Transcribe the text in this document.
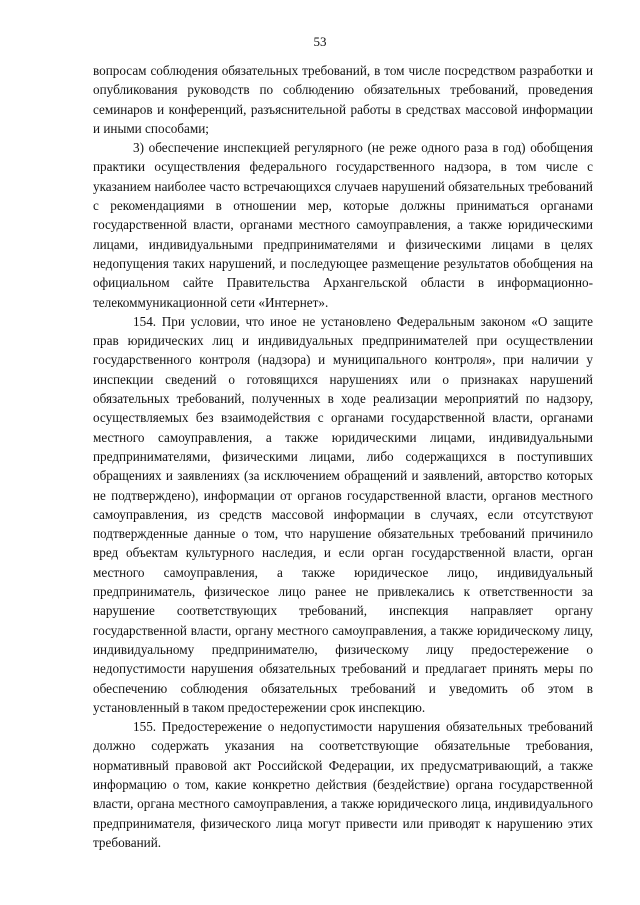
53

вопросам соблюдения обязательных требований, в том числе посредством разработки и опубликования руководств по соблюдению обязательных требований, проведения семинаров и конференций, разъяснительной работы в средствах массовой информации и иными способами;

3) обеспечение инспекцией регулярного (не реже одного раза в год) обобщения практики осуществления федерального государственного надзора, в том числе с указанием наиболее часто встречающихся случаев нарушений обязательных требований с рекомендациями в отношении мер, которые должны приниматься органами государственной власти, органами местного самоуправления, а также юридическими лицами, индивидуальными предпринимателями и физическими лицами в целях недопущения таких нарушений, и последующее размещение результатов обобщения на официальном сайте Правительства Архангельской области в информационно-телекоммуникационной сети «Интернет».

154. При условии, что иное не установлено Федеральным законом «О защите прав юридических лиц и индивидуальных предпринимателей при осуществлении государственного контроля (надзора) и муниципального контроля», при наличии у инспекции сведений о готовящихся нарушениях или о признаках нарушений обязательных требований, полученных в ходе реализации мероприятий по надзору, осуществляемых без взаимодействия с органами государственной власти, органами местного самоуправления, а также юридическими лицами, индивидуальными предпринимателями, физическими лицами, либо содержащихся в поступивших обращениях и заявлениях (за исключением обращений и заявлений, авторство которых не подтверждено), информации от органов государственной власти, органов местного самоуправления, из средств массовой информации в случаях, если отсутствуют подтвержденные данные о том, что нарушение обязательных требований причинило вред объектам культурного наследия, и если орган государственной власти, орган местного самоуправления, а также юридическое лицо, индивидуальный предприниматель, физическое лицо ранее не привлекались к ответственности за нарушение соответствующих требований, инспекция направляет органу государственной власти, органу местного самоуправления, а также юридическому лицу, индивидуальному предпринимателю, физическому лицу предостережение о недопустимости нарушения обязательных требований и предлагает принять меры по обеспечению соблюдения обязательных требований и уведомить об этом в установленный в таком предостережении срок инспекцию.

155. Предостережение о недопустимости нарушения обязательных требований должно содержать указания на соответствующие обязательные требования, нормативный правовой акт Российской Федерации, их предусматривающий, а также информацию о том, какие конкретно действия (бездействие) органа государственной власти, органа местного самоуправления, а также юридического лица, индивидуального предпринимателя, физического лица могут привести или приводят к нарушению этих требований.
